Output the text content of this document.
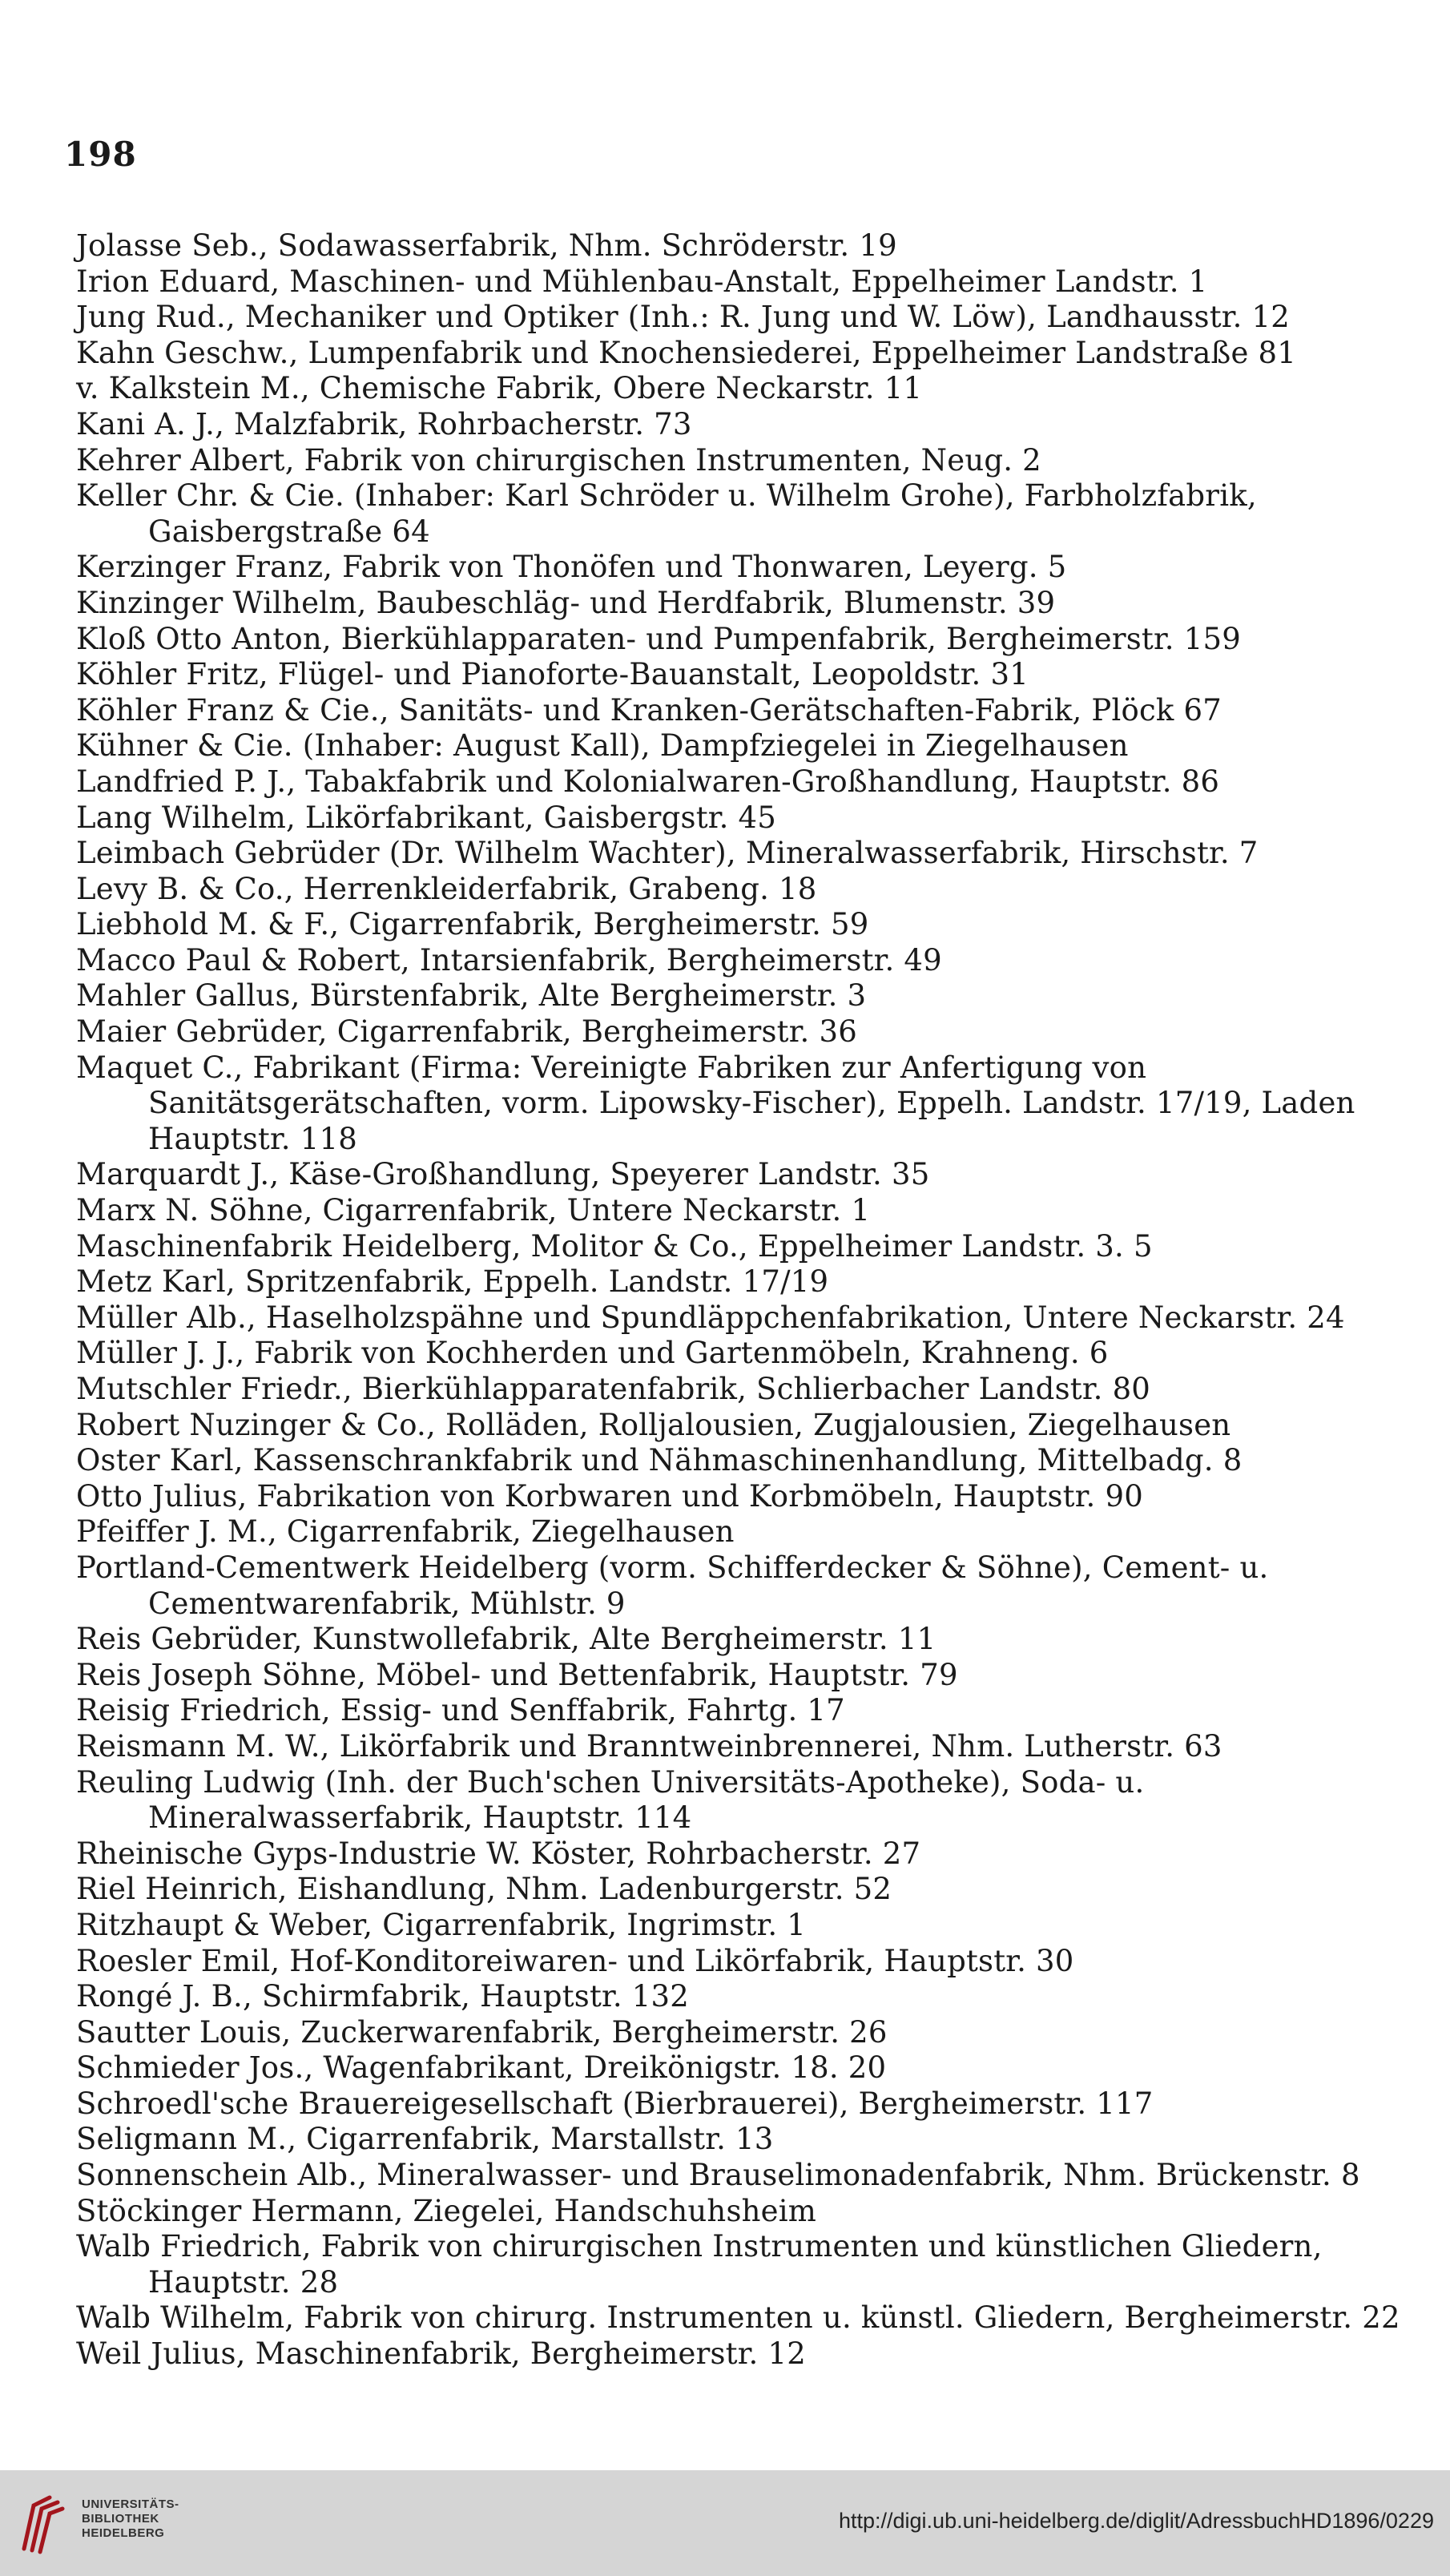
198
Jolasse Seb., Sodawasserfabrik, Nhm. Schröderstr. 19
Irion Eduard, Maschinen- und Mühlenbau-Anstalt, Eppelheimer Landstr. 1
Jung Rud., Mechaniker und Optiker (Inh.: R. Jung und W. Löw), Landhausstr. 12
Kahn Geschw., Lumpenfabrik und Knochensiederei, Eppelheimer Landstraße 81
v. Kalkstein M., Chemische Fabrik, Obere Neckarstr. 11
Kani A. J., Malzfabrik, Rohrbacherstr. 73
Kehrer Albert, Fabrik von chirurgischen Instrumenten, Neug. 2
Keller Chr. & Cie. (Inhaber: Karl Schröder u. Wilhelm Grohe), Farbholzfabrik, Gaisbergstraße 64
Kerzinger Franz, Fabrik von Thonöfen und Thonwaren, Leyerg. 5
Kinzinger Wilhelm, Baubeschläg- und Herdfabrik, Blumenstr. 39
Kloß Otto Anton, Bierkühlapparaten- und Pumpenfabrik, Bergheimerstr. 159
Köhler Fritz, Flügel- und Pianoforte-Bauanstalt, Leopoldstr. 31
Köhler Franz & Cie., Sanitäts- und Kranken-Gerätschaften-Fabrik, Plöck 67
Kühner & Cie. (Inhaber: August Kall), Dampfziegelei in Ziegelhausen
Landfried P. J., Tabakfabrik und Kolonialwaren-Großhandlung, Hauptstr. 86
Lang Wilhelm, Likörfabrikant, Gaisbergstr. 45
Leimbach Gebrüder (Dr. Wilhelm Wachter), Mineralwasserfabrik, Hirschstr. 7
Levy B. & Co., Herrenkleiderfabrik, Grabeng. 18
Liebhold M. & F., Cigarrenfabrik, Bergheimerstr. 59
Macco Paul & Robert, Intarsienfabrik, Bergheimerstr. 49
Mahler Gallus, Bürstenfabrik, Alte Bergheimerstr. 3
Maier Gebrüder, Cigarrenfabrik, Bergheimerstr. 36
Maquet C., Fabrikant (Firma: Vereinigte Fabriken zur Anfertigung von Sanitätsgerätschaften, vorm. Lipowsky-Fischer), Eppelh. Landstr. 17/19, Laden Hauptstr. 118
Marquardt J., Käse-Großhandlung, Speyerer Landstr. 35
Marx N. Söhne, Cigarrenfabrik, Untere Neckarstr. 1
Maschinenfabrik Heidelberg, Molitor & Co., Eppelheimer Landstr. 3. 5
Metz Karl, Spritzenfabrik, Eppelh. Landstr. 17/19
Müller Alb., Haselholzspähne und Spundläppchenfabrikation, Untere Neckarstr. 24
Müller J. J., Fabrik von Kochherden und Gartenmöbeln, Krahneng. 6
Mutschler Friedr., Bierkühlapparatenfabrik, Schlierbacher Landstr. 80
Robert Nuzinger & Co., Rolläden, Rolljalousien, Zugjalousien, Ziegelhausen
Oster Karl, Kassenschrankfabrik und Nähmaschinenhandlung, Mittelbadg. 8
Otto Julius, Fabrikation von Korbwaren und Korbmöbeln, Hauptstr. 90
Pfeiffer J. M., Cigarrenfabrik, Ziegelhausen
Portland-Cementwerk Heidelberg (vorm. Schifferdecker & Söhne), Cement- u. Cementwarenfabrik, Mühlstr. 9
Reis Gebrüder, Kunstwollefabrik, Alte Bergheimerstr. 11
Reis Joseph Söhne, Möbel- und Bettenfabrik, Hauptstr. 79
Reisig Friedrich, Essig- und Senffabrik, Fahrtg. 17
Reismann M. W., Likörfabrik und Branntweinbrennerei, Nhm. Lutherstr. 63
Reuling Ludwig (Inh. der Buch'schen Universitäts-Apotheke), Soda- u. Mineralwasserfabrik, Hauptstr. 114
Rheinische Gyps-Industrie W. Köster, Rohrbacherstr. 27
Riel Heinrich, Eishandlung, Nhm. Ladenburgerstr. 52
Ritzhaupt & Weber, Cigarrenfabrik, Ingrimstr. 1
Roesler Emil, Hof-Konditoreiwaren- und Likörfabrik, Hauptstr. 30
Rongé J. B., Schirmfabrik, Hauptstr. 132
Sautter Louis, Zuckerwarenfabrik, Bergheimerstr. 26
Schmieder Jos., Wagenfabrikant, Dreikönigstr. 18. 20
Schroedl'sche Brauereigesellschaft (Bierbrauerei), Bergheimerstr. 117
Seligmann M., Cigarrenfabrik, Marstallstr. 13
Sonnenschein Alb., Mineralwasser- und Brauselimonadenfabrik, Nhm. Brückenstr. 8
Stöckinger Hermann, Ziegelei, Handschuhsheim
Walb Friedrich, Fabrik von chirurgischen Instrumenten und künstlichen Gliedern, Hauptstr. 28
Walb Wilhelm, Fabrik von chirurg. Instrumenten u. künstl. Gliedern, Bergheimerstr. 22
Weil Julius, Maschinenfabrik, Bergheimerstr. 12
UNIVERSITÄTS-
BIBLIOTHEK
HEIDELBERG
http://digi.ub.uni-heidelberg.de/diglit/AdressbuchHD1896/0229
